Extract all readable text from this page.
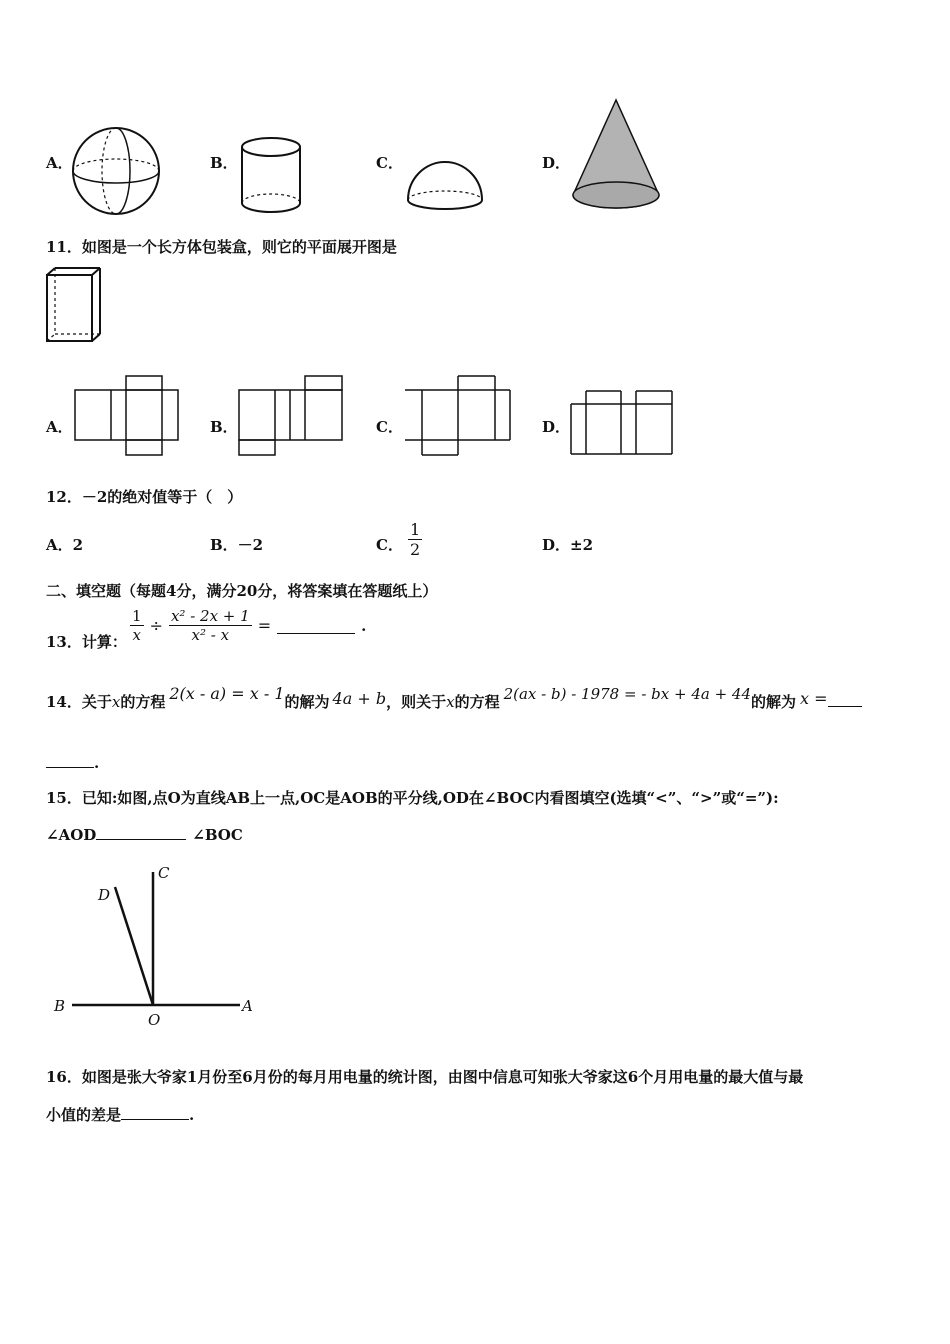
A．	B．	C．	D．
11．如图是一个长方体包装盒，则它的平面展开图是
A．	B．	C．	D．
12．－2的绝对值等于（　）
A．2	B．－2	C． $\frac{1}{2}$	D．±2
二、填空题（每题4分，满分20分，将答案填在答题纸上）
13．计算： $\frac{1}{x} \div \frac{\text{x² - 2x + 1}}{\text{x² - x}}$ =	.
14．关于 x 的方程 2(x - a) = x - 1 的解为 4a + b ，则关于 x 的方程 2(ax - b) - 1978 = - bx + 4a + 44 的解为 x =
.
15．已知:如图,点O为直线AB上一点,OC是AOB的平分线,OD在∠BOC内看图填空(选填“<”、“>”或“=”):
∠AOD	∠BOC
B
O
A
C
D
16．如图是张大爷家1月份至6月份的每月用电量的统计图，由图中信息可知张大爷家这6个月用电量的最大值与最
小值的差是	.
